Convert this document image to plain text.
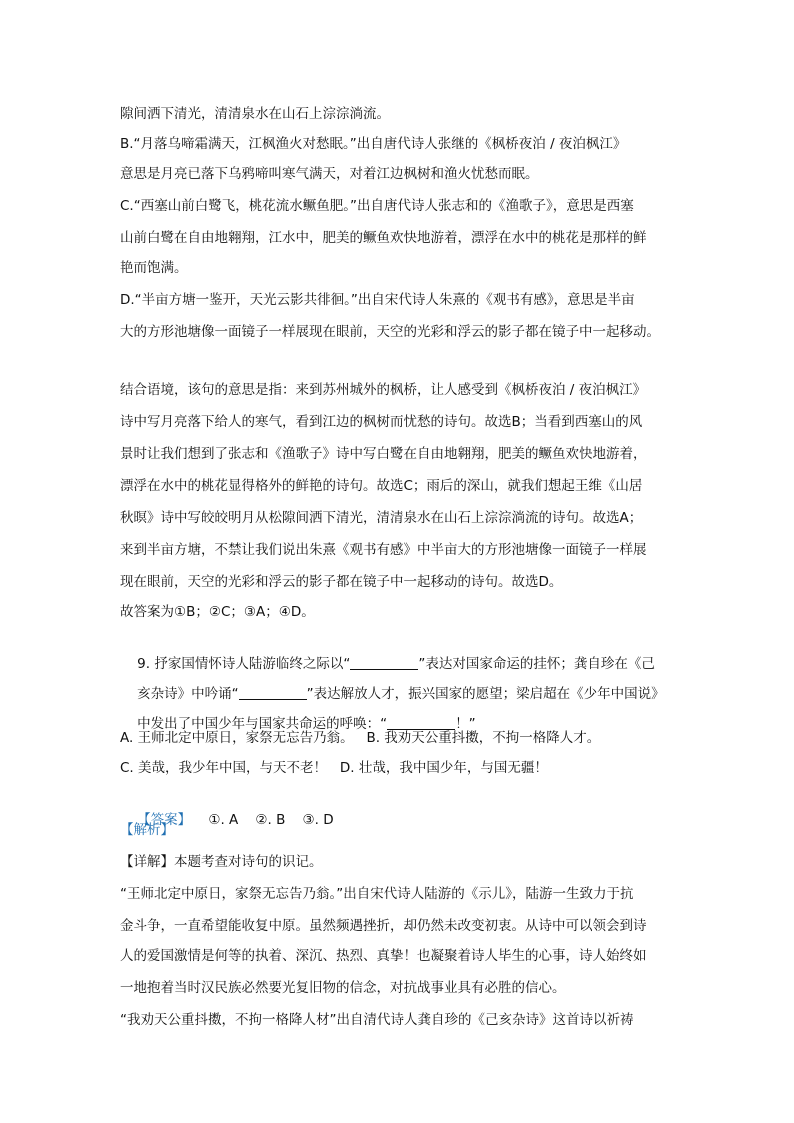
隙间洒下清光，清清泉水在山石上淙淙淌流。
B.“月落乌啼霜满天，江枫渔火对愁眠。”出自唐代诗人张继的《枫桥夜泊 / 夜泊枫江》
意思是月亮已落下乌鸦啼叫寒气满天，对着江边枫树和渔火忧愁而眠。
C.“西塞山前白鹭飞，桃花流水鳜鱼肥。”出自唐代诗人张志和的《渔歌子》，意思是西塞
山前白鹭在自由地翱翔，江水中，肥美的鳜鱼欢快地游着，漂浮在水中的桃花是那样的鲜
艳而饱满。
D.“半亩方塘一鉴开，天光云影共徘徊。”出自宋代诗人朱熹的《观书有感》，意思是半亩
大的方形池塘像一面镜子一样展现在眼前，天空的光彩和浮云的影子都在镜子中一起移动。
结合语境，该句的意思是指：来到苏州城外的枫桥，让人感受到《枫桥夜泊 / 夜泊枫江》
诗中写月亮落下给人的寒气，看到江边的枫树而忧愁的诗句。故选B；当看到西塞山的风
景时让我们想到了张志和《渔歌子》诗中写白鹭在自由地翱翔，肥美的鳜鱼欢快地游着，
漂浮在水中的桃花显得格外的鲜艳的诗句。故选C；雨后的深山，就我们想起王维《山居
秋暝》诗中写皎皎明月从松隙间洒下清光，清清泉水在山石上淙淙淌流的诗句。故选A；
来到半亩方塘，不禁让我们说出朱熹《观书有感》中半亩大的方形池塘像一面镜子一样展
现在眼前，天空的光彩和浮云的影子都在镜子中一起移动的诗句。故选D。
故答案为①B；②C；③A；④D。

9. 抒家国情怀诗人陆游临终之际以“	”表达对国家命运的挂怀；龚自珍在《己

亥杂诗》中吟诵“	”表达解放人才，振兴国家的愿望；梁启超在《少年中国说》

中发出了中国少年与国家共命运的呼唤：“	！”

A. 王师北定中原日，家祭无忘告乃翁。   B. 我劝天公重抖擞，不拘一格降人才。
C. 美哉，我少年中国，与天不老！   D. 壮哉，我中国少年，与国无疆！

【答案】 ①. A    ②. B    ③. D

【解析】
【详解】本题考查对诗句的识记。
“王师北定中原日，家祭无忘告乃翁。”出自宋代诗人陆游的《示儿》，陆游一生致力于抗
金斗争，一直希望能收复中原。虽然频遇挫折，却仍然未改变初衷。从诗中可以领会到诗
人的爱国激情是何等的执着、深沉、热烈、真挚！也凝聚着诗人毕生的心事，诗人始终如
一地抱着当时汉民族必然要光复旧物的信念，对抗战事业具有必胜的信心。
“我劝天公重抖擞，不拘一格降人材”出自清代诗人龚自珍的《己亥杂诗》这首诗以祈祷
